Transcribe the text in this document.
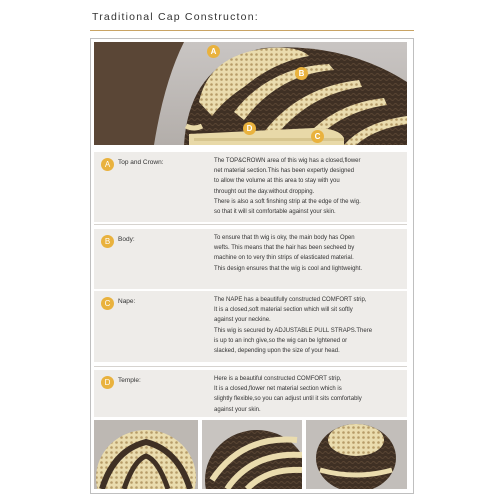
Traditional Cap Constructon:
A
B
C
D
A	Top and Crown:	The TOP&CROWN area of this wig has a closed,flower
net material section.This has been expertly designed
to allow the volume at this area to stay with you
throught out the day.without dropping.
There is also a soft finshing strip at the edge of the wig.
so that it will sit comfortable against your skin.
B	Body:	To ensure that th wig is oky, the main body has Open
wefts. This means that the hair has been secheed by
machine on to very thin strips of elasticated material.
This design ensures that the wig is cool and lightweight.
C	Nape:	The NAPE has a beautifully constructed COMFORT strip,
It is a closed,soft material section which will sit softly
against your neckine.
This wig is secured by ADJUSTABLE PULL STRAPS.There
is up to an inch give,so the wig can be lghtened or
slacked, depending upon the size of your head.
D	Temple:	Here is a beautiful constructed COMFORT strip,
It is a closed,flower net material section which is
slightly flexible,so you can adjust until it sits comfortably
against your skin.
